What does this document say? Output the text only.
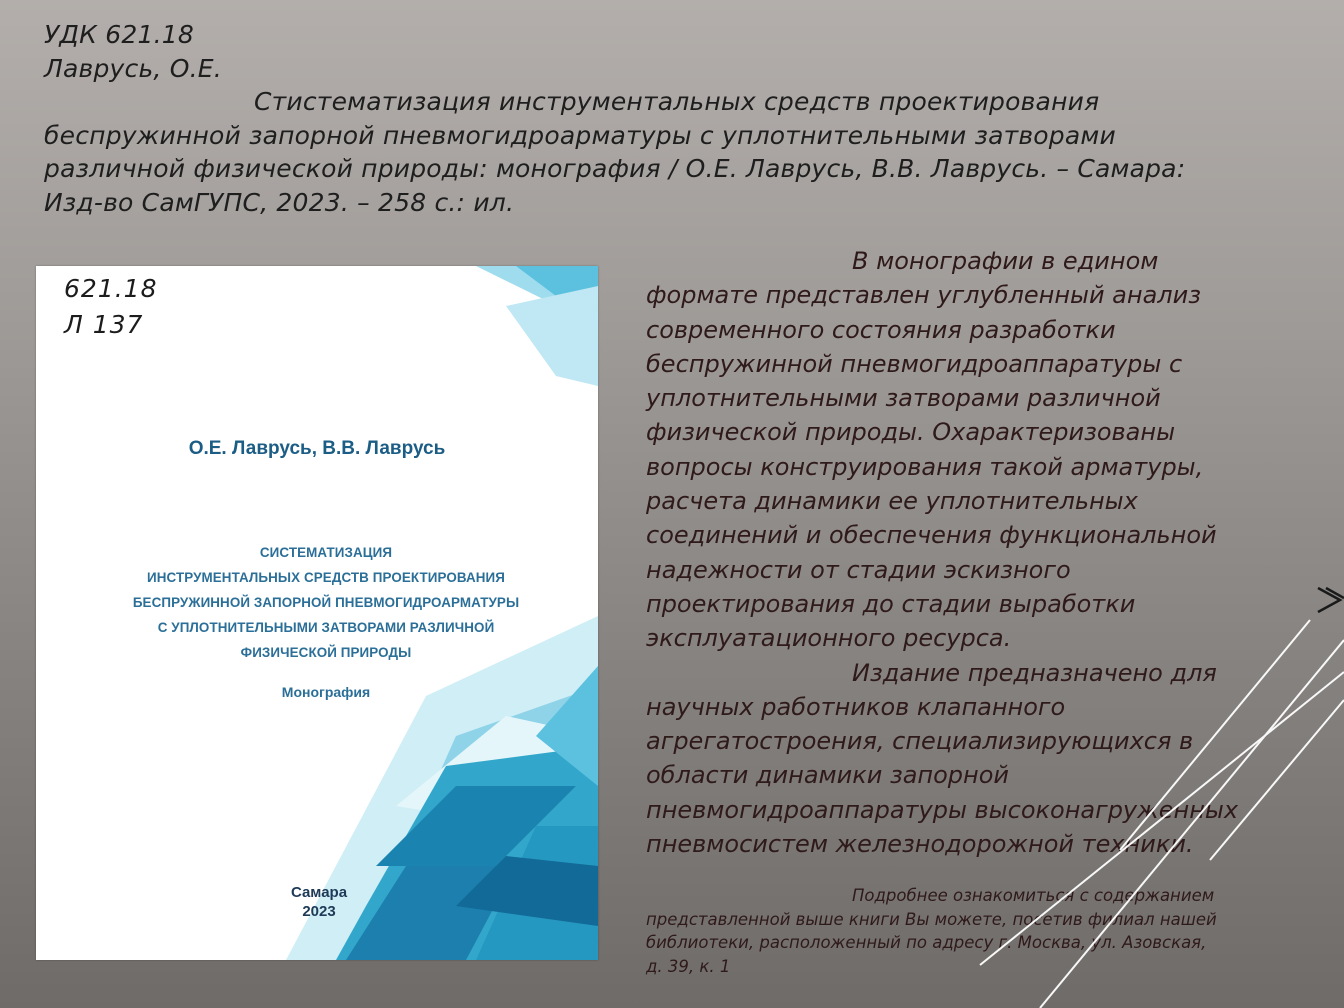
УДК 621.18
Лаврусь, О.Е.
Стистематизация инструментальных средств проектирования
беспружинной запорной пневмогидроарматуры с уплотнительными затворами
различной физической природы: монография / О.Е. Лаврусь, В.В. Лаврусь. – Самара:
Изд-во СамГУПС, 2023. – 258 с.: ил.
621.18
Л 137
О.Е. Лаврусь, В.В. Лаврусь
СИСТЕМАТИЗАЦИЯ
ИНСТРУМЕНТАЛЬНЫХ СРЕДСТВ ПРОЕКТИРОВАНИЯ
БЕСПРУЖИННОЙ ЗАПОРНОЙ ПНЕВМОГИДРОАРМАТУРЫ
С УПЛОТНИТЕЛЬНЫМИ ЗАТВОРАМИ РАЗЛИЧНОЙ
ФИЗИЧЕСКОЙ ПРИРОДЫ
Монография
Самара
2023
В монографии в едином
формате представлен углубленный анализ
современного состояния разработки
беспружинной пневмогидроаппаратуры с
уплотнительными затворами различной
физической природы. Охарактеризованы
вопросы конструирования такой арматуры,
расчета динамики ее уплотнительных
соединений и обеспечения функциональной
надежности от стадии эскизного
проектирования до стадии выработки
эксплуатационного ресурса.
Издание предназначено для
научных работников клапанного
агрегатостроения, специализирующихся в
области динамики запорной
пневмогидроаппаратуры высоконагруженных
пневмосистем железнодорожной техники.
Подробнее ознакомиться с содержанием
представленной выше книги Вы можете, посетив филиал нашей
библиотеки, расположенный по адресу г. Москва, ул. Азовская,
д. 39, к. 1
